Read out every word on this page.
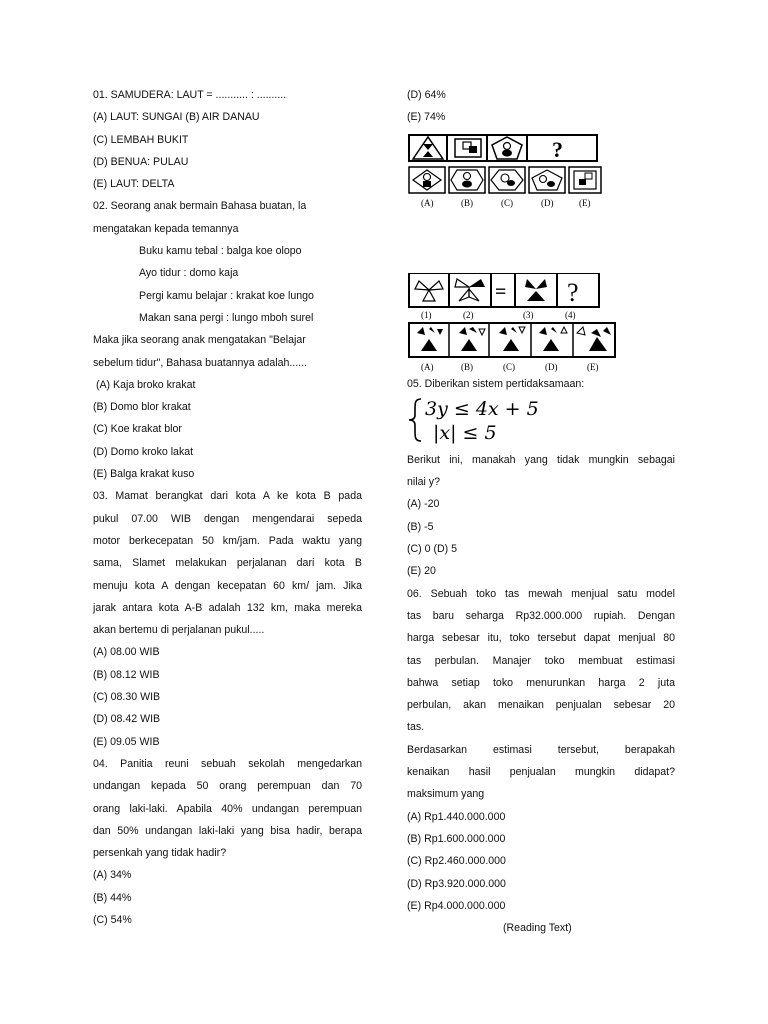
01. SAMUDERA: LAUT = ........... : ..........
(A) LAUT: SUNGAI (B) AIR DANAU
(C) LEMBAH BUKIT
(D) BENUA: PULAU
(E) LAUT: DELTA
02. Seorang anak bermain Bahasa buatan, la
mengatakan kepada temannya
Buku kamu tebal : balga koe olopo
Ayo tidur : domo kaja
Pergi kamu belajar : krakat koe lungo
Makan sana pergi : lungo mboh surel
Maka jika seorang anak mengatakan "Belajar
sebelum tidur", Bahasa buatannya adalah......
(A) Kaja broko krakat
(B) Domo blor krakat
(C) Koe krakat blor
(D) Domo kroko lakat
(E) Balga krakat kuso
03. Mamat berangkat dari kota A ke kota B pada
pukul 07.00 WIB dengan mengendarai sepeda
motor berkecepatan 50 km/jam. Pada waktu yang
sama, Slamet melakukan perjalanan dari kota B
menuju kota A dengan kecepatan 60 km/ jam. Jika
jarak antara kota A-B adalah 132 km, maka mereka
akan bertemu di perjalanan pukul.....
(A) 08.00 WIB
(B) 08.12 WIB
(C) 08.30 WIB
(D) 08.42 WIB
(E) 09.05 WIB
04. Panitia reuni sebuah sekolah mengedarkan
undangan kepada 50 orang perempuan dan 70
orang laki-laki. Apabila 40% undangan perempuan
dan 50% undangan laki-laki yang bisa hadir, berapa
persenkah yang tidak hadir?
(A) 34%
(B) 44%
(C) 54%
(D) 64%
(E) 74%
?
(A)	(B)	(C)	(D)	(E)
= ?
(1)	(2)	(3)	(4)
(A)	(B)	(C)	(D)	(E)
05. Diberikan sistem pertidaksamaan:
3y ≤ 4x + 5
|x| ≤ 5
Berikut ini, manakah yang tidak mungkin sebagai
nilai y?
(A) -20
(B) -5
(C) 0 (D) 5
(E) 20
06. Sebuah toko tas mewah menjual satu model
tas baru seharga Rp32.000.000 rupiah. Dengan
harga sebesar itu, toko tersebut dapat menjual 80
tas perbulan. Manajer toko membuat estimasi
bahwa setiap toko menurunkan harga 2 juta
perbulan, akan menaikan penjualan sebesar 20
tas.
Berdasarkan estimasi tersebut, berapakah
kenaikan hasil penjualan mungkin didapat?
maksimum yang
(A) Rp1.440.000.000
(B) Rp1.600.000.000
(C) Rp2.460.000.000
(D) Rp3.920.000.000
(E) Rp4.000.000.000
(Reading Text)
